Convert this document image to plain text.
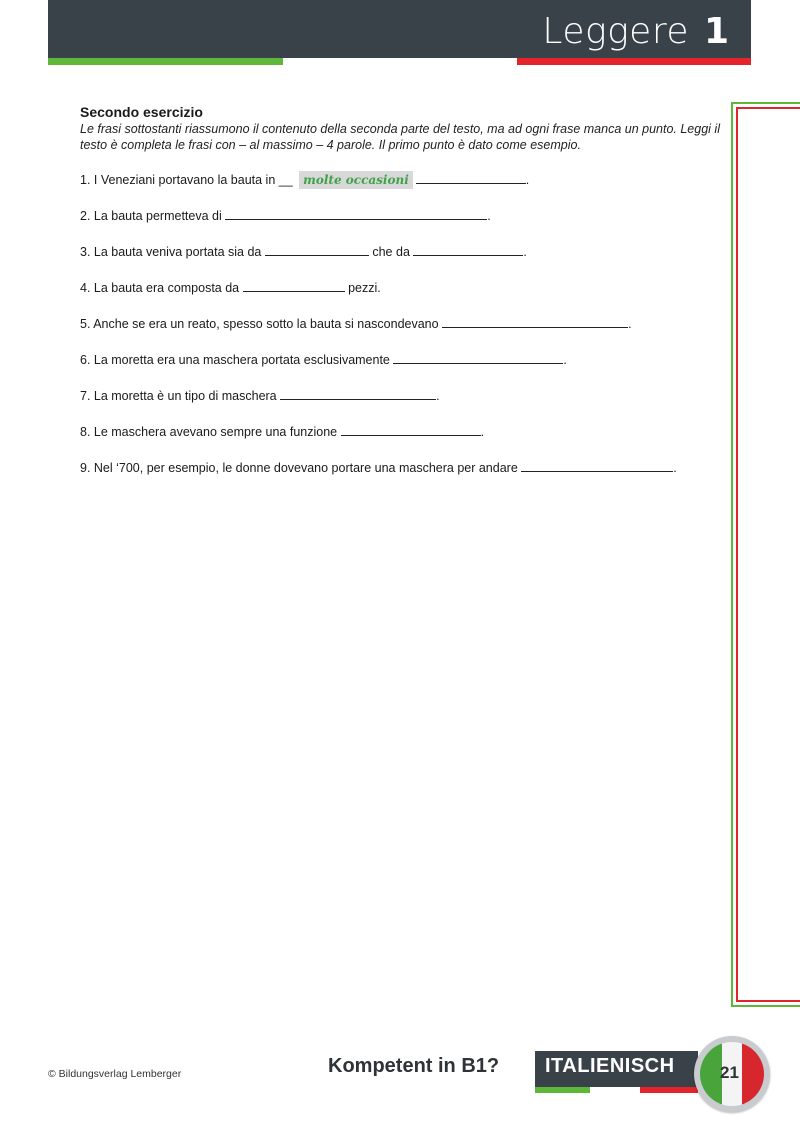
Leggere 1

Secondo esercizio

Le frasi sottostanti riassumono il contenuto della seconda parte del testo, ma ad ogni frase manca un punto. Leggi il

testo è completa le frasi con – al massimo – 4 parole. Il primo punto è dato come esempio.

1. I Veneziani portavano la bauta in __ molte occasioni	.
2. La bauta permetteva di	.
3. La bauta veniva portata sia da	che da	.
4. La bauta era composta da	pezzi.
5. Anche se era un reato, spesso sotto la bauta si nascondevano	.
6. La moretta era una maschera portata esclusivamente	.
7. La moretta è un tipo di maschera	.
8. Le maschera avevano sempre una funzione	.
9. Nel ‘700, per esempio, le donne dovevano portare una maschera per andare	.
© Bildungsverlag Lemberger	Kompetent in B1? ITALIENISCH	21
